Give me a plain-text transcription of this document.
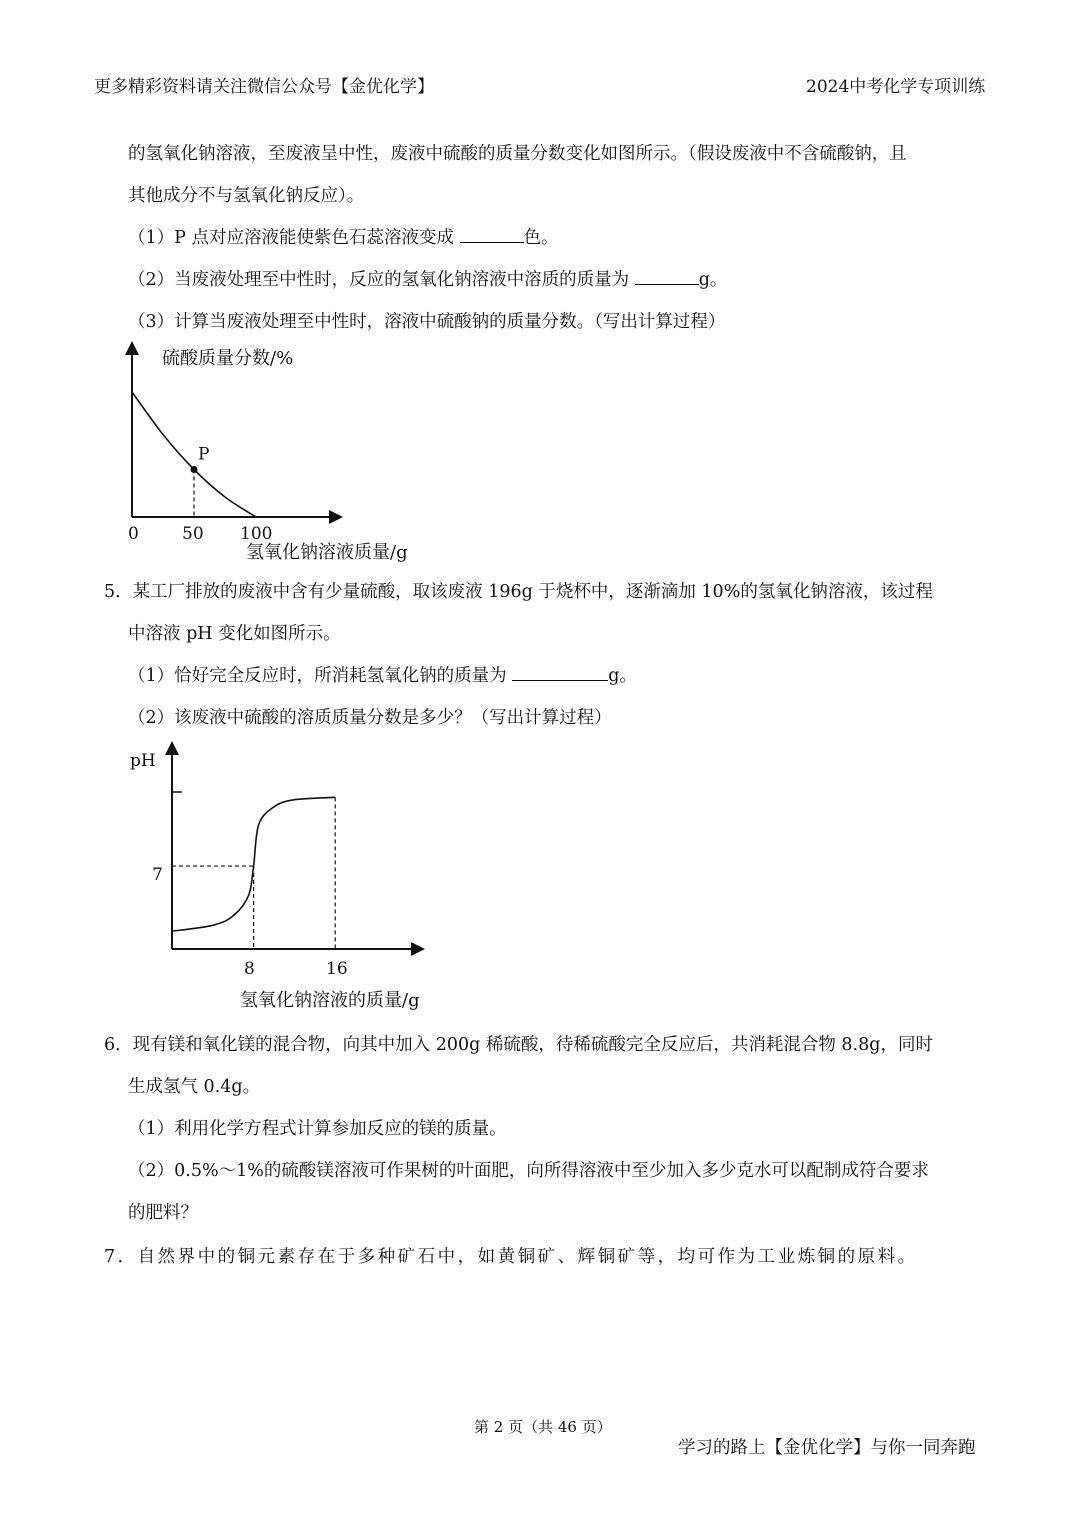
更多精彩资料请关注微信公众号【金优化学】	2024中考化学专项训练
的氢氧化钠溶液，至废液呈中性，废液中硫酸的质量分数变化如图所示。（假设废液中不含硫酸钠，且
其他成分不与氢氧化钠反应）。
（1）P 点对应溶液能使紫色石蕊溶液变成	色。
（2）当废液处理至中性时，反应的氢氧化钠溶液中溶质的质量为	g。
（3）计算当废液处理至中性时，溶液中硫酸钠的质量分数。（写出计算过程）
硫酸质量分数/%
P
0	50 100
氢氧化钠溶液质量/g
5．某工厂排放的废液中含有少量硫酸，取该废液 196g 于烧杯中，逐渐滴加 10%的氢氧化钠溶液，该过程
中溶液 pH 变化如图所示。
（1）恰好完全反应时，所消耗氢氧化钠的质量为	g。
（2）该废液中硫酸的溶质质量分数是多少？（写出计算过程）
pH
7
8	16
氢氧化钠溶液的质量/g
6．现有镁和氧化镁的混合物，向其中加入 200g 稀硫酸，待稀硫酸完全反应后，共消耗混合物 8.8g，同时
生成氢气 0.4g。
（1）利用化学方程式计算参加反应的镁的质量。
（2）0.5%～1%的硫酸镁溶液可作果树的叶面肥，向所得溶液中至少加入多少克水可以配制成符合要求
的肥料？
7．自然界中的铜元素存在于多种矿石中，如黄铜矿、辉铜矿等，均可作为工业炼铜的原料。
第 2 页（共 46 页）
学习的路上【金优化学】与你一同奔跑
